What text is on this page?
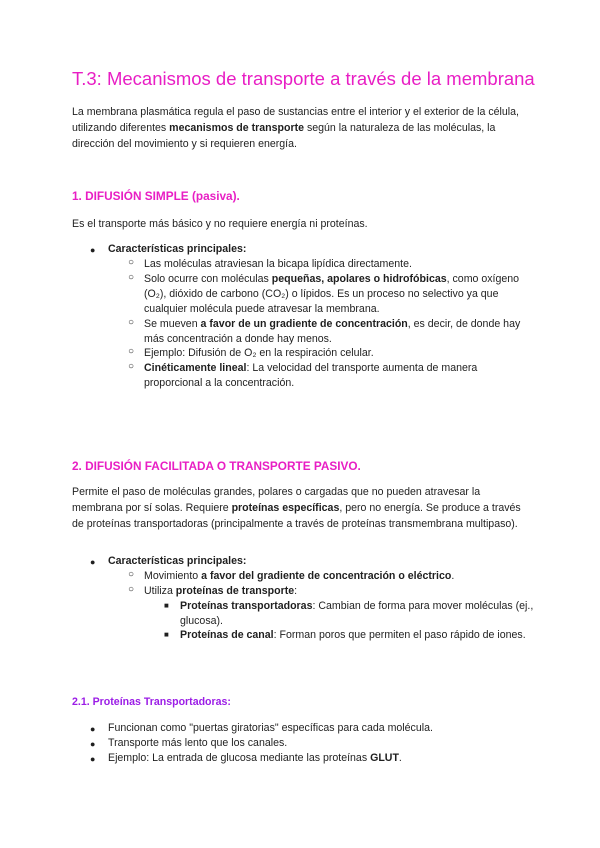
T.3: Mecanismos de transporte a través de la membrana
La membrana plasmática regula el paso de sustancias entre el interior y el exterior de la célula, utilizando diferentes mecanismos de transporte según la naturaleza de las moléculas, la dirección del movimiento y si requieren energía.
1. DIFUSIÓN SIMPLE (pasiva).
Es el transporte más básico y no requiere energía ni proteínas.
● Características principales:
○ Las moléculas atraviesan la bicapa lipídica directamente.
○ Solo ocurre con moléculas pequeñas, apolares o hidrofóbicas, como oxígeno (O₂), dióxido de carbono (CO₂) o lípidos. Es un proceso no selectivo ya que cualquier molécula puede atravesar la membrana.
○ Se mueven a favor de un gradiente de concentración, es decir, de donde hay más concentración a donde hay menos.
○ Ejemplo: Difusión de O₂ en la respiración celular.
○ Cinéticamente lineal: La velocidad del transporte aumenta de manera proporcional a la concentración.
2. DIFUSIÓN FACILITADA O TRANSPORTE PASIVO.
Permite el paso de moléculas grandes, polares o cargadas que no pueden atravesar la membrana por sí solas. Requiere proteínas específicas, pero no energía. Se produce a través de proteínas transportadoras (principalmente a través de proteínas transmembrana multipaso).
● Características principales:
○ Movimiento a favor del gradiente de concentración o eléctrico.
○ Utiliza proteínas de transporte:
■ Proteínas transportadoras: Cambian de forma para mover moléculas (ej., glucosa).
■ Proteínas de canal: Forman poros que permiten el paso rápido de iones.
2.1. Proteínas Transportadoras:
● Funcionan como "puertas giratorias" específicas para cada molécula.
● Transporte más lento que los canales.
● Ejemplo: La entrada de glucosa mediante las proteínas GLUT.
